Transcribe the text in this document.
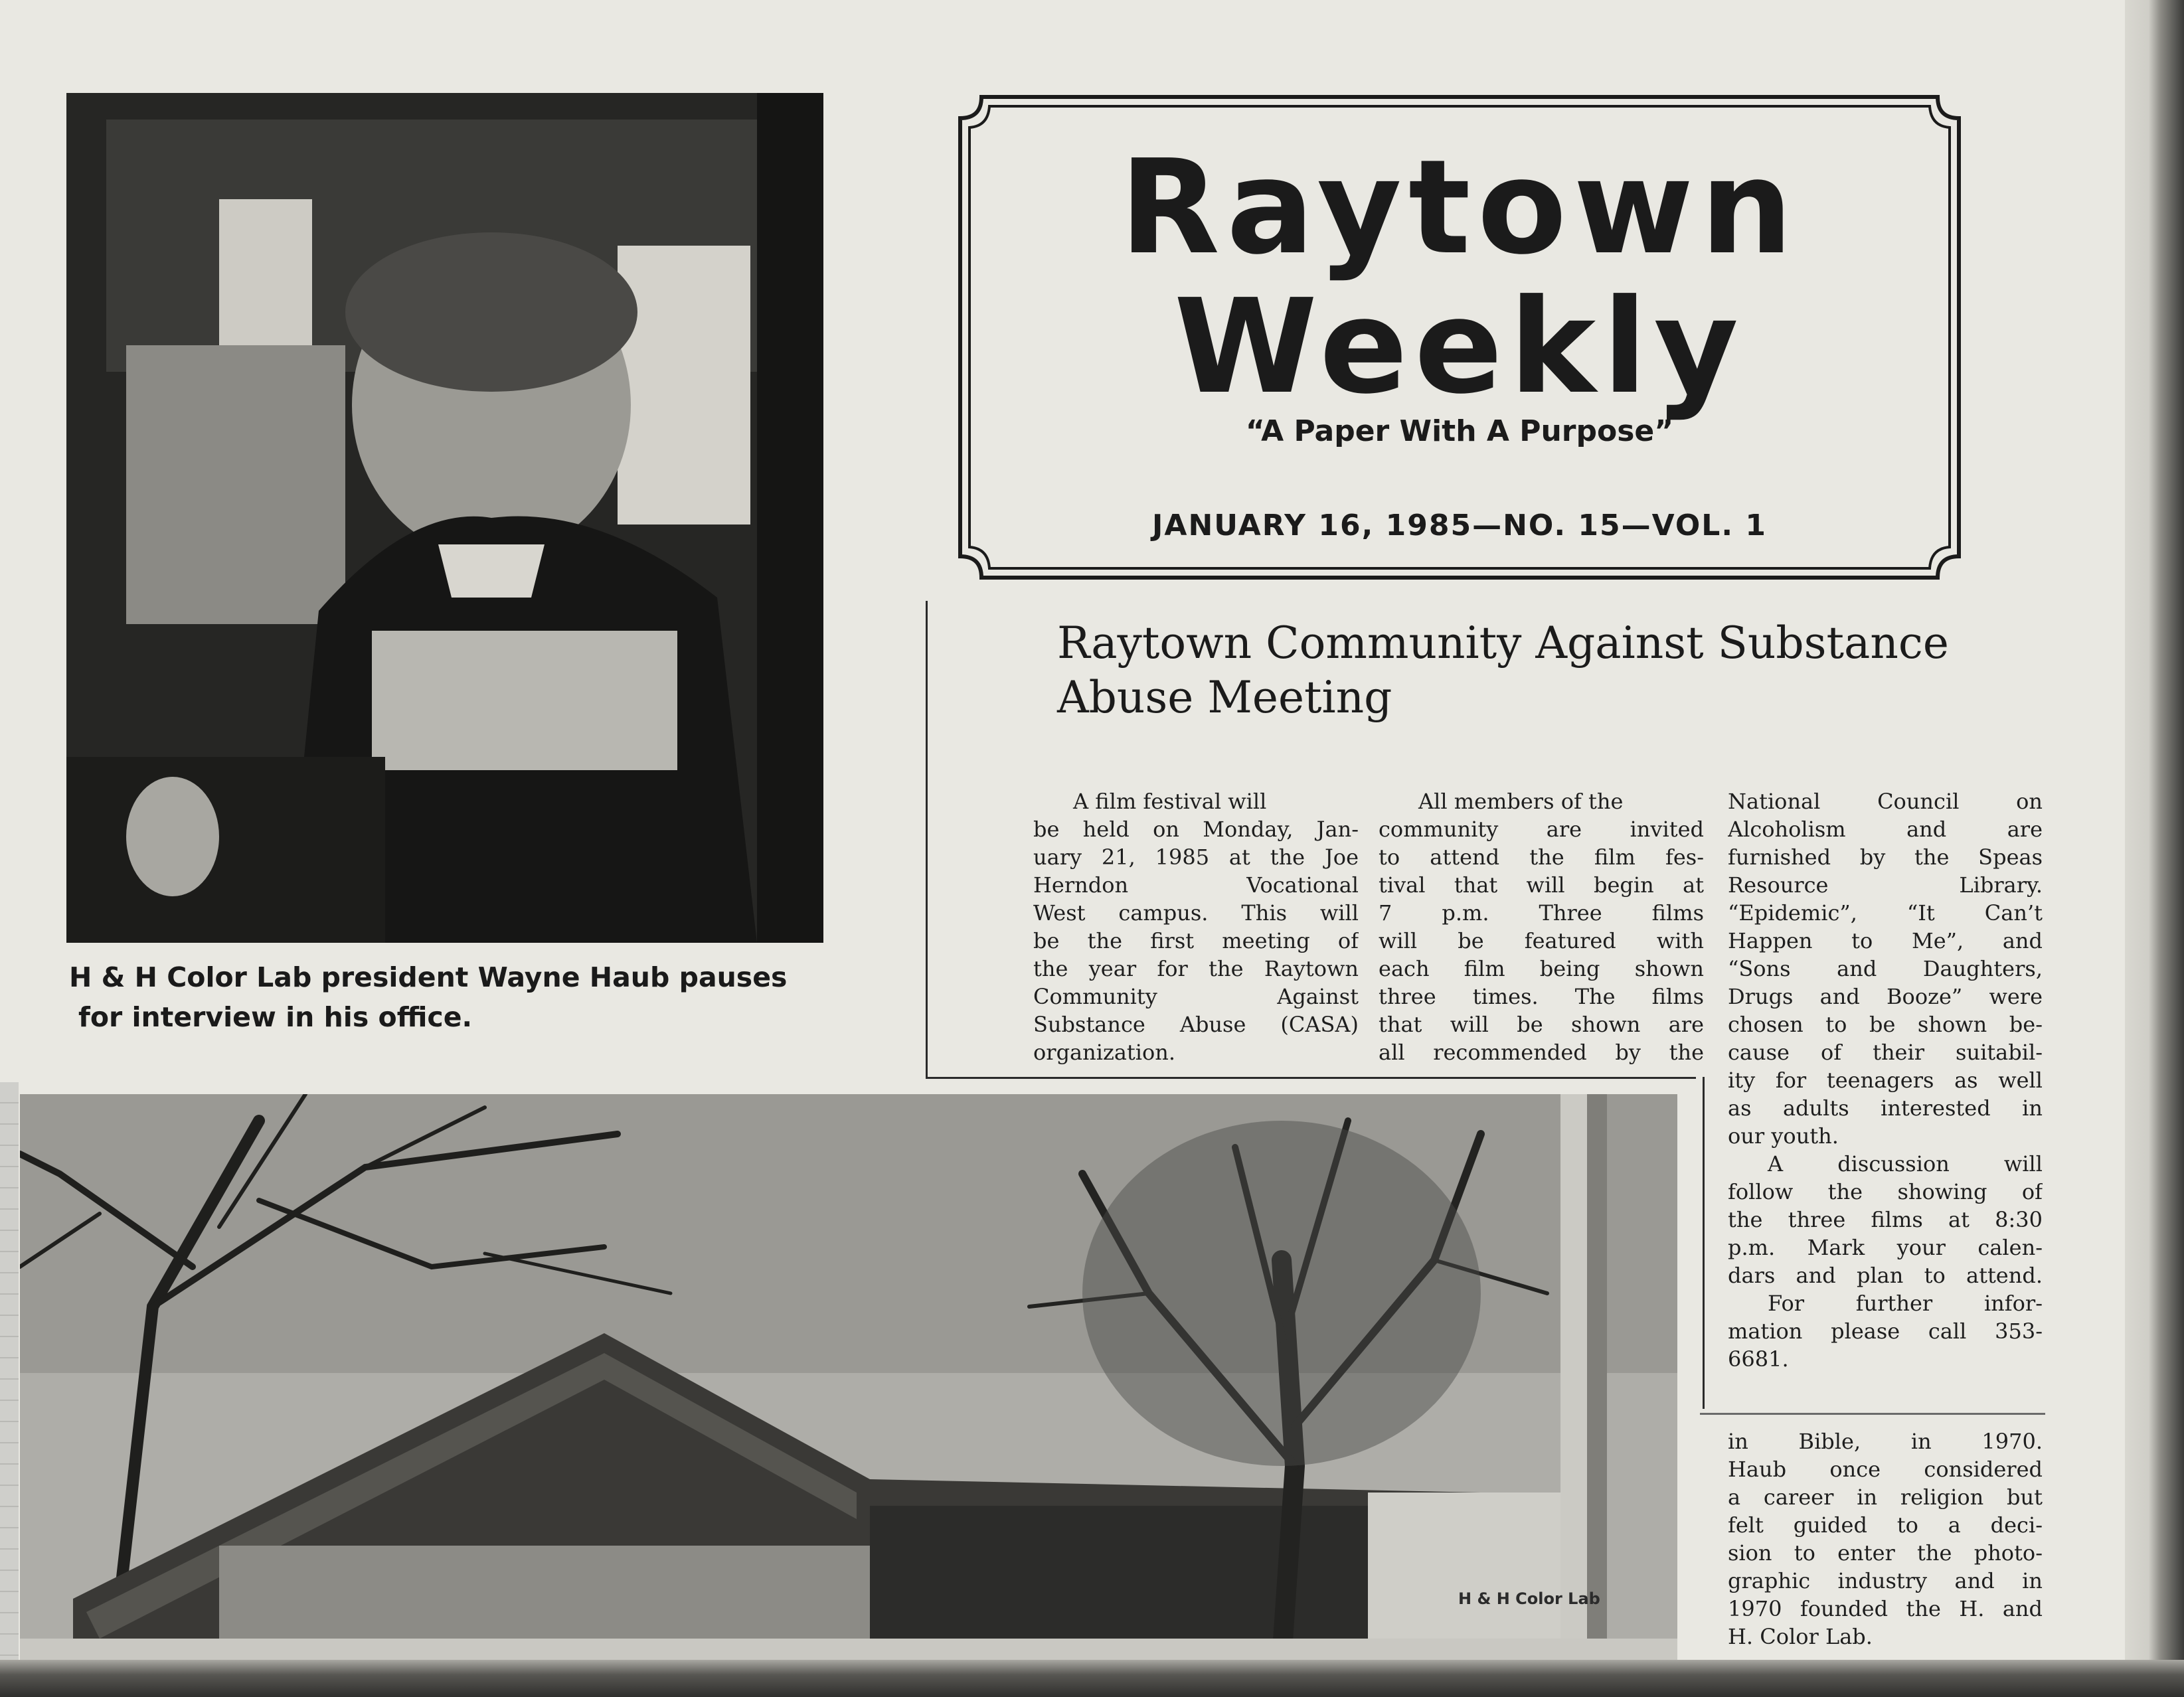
H & H Color Lab president Wayne Haub pauses
for interview in his office.
Raytown
Weekly
“A Paper With A Purpose”
JANUARY 16, 1985—NO. 15—VOL. 1
Raytown Community Against Substance
Abuse Meeting
A film festival will
be held on Monday, Jan-
uary 21, 1985 at the Joe
Herndon Vocational
West campus. This will
be the first meeting of
the year for the Raytown
Community Against
Substance Abuse (CASA)
organization.
All members of the
community are invited
to attend the film fes-
tival that will begin at
7 p.m. Three films
will be featured with
each film being shown
three times. The films
that will be shown are
all recommended by the
National Council on
Alcoholism and are
furnished by the Speas
Resource Library.
“Epidemic”, “It Can’t
Happen to Me”, and
“Sons and Daughters,
Drugs and Booze” were
chosen to be shown be-
cause of their suitabil-
ity for teenagers as well
as adults interested in
our youth.
A discussion will
follow the showing of
the three films at 8:30
p.m. Mark your calen-
dars and plan to attend.
For further infor-
mation please call 353-
6681.
in Bible, in 1970.
Haub once considered
a career in religion but
felt guided to a deci-
sion to enter the photo-
graphic industry and in
1970 founded the H. and
H. Color Lab.
H & H Color Lab
